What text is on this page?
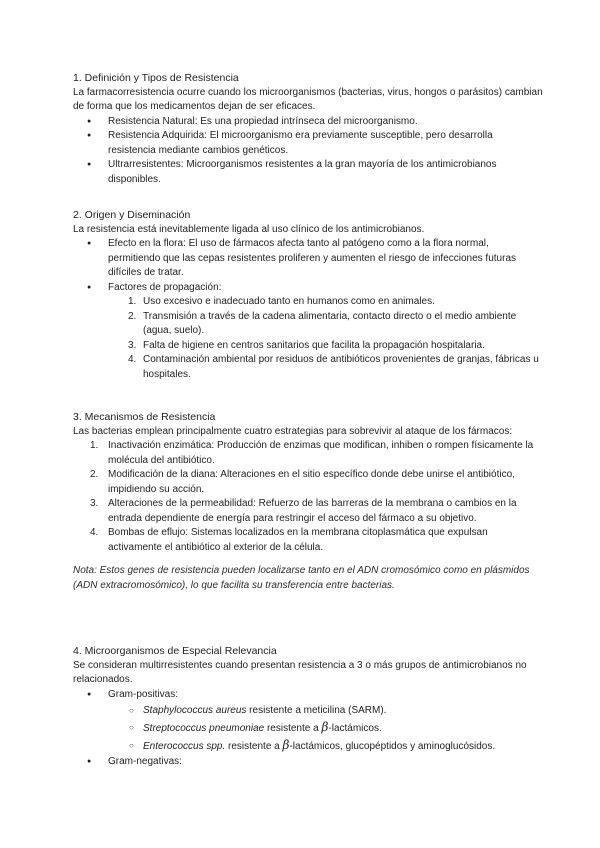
1. Definición y Tipos de Resistencia

La farmacorresistencia ocurre cuando los microorganismos (bacterias, virus, hongos o parásitos) cambian de forma que los medicamentos dejan de ser eficaces.

● Resistencia Natural: Es una propiedad intrínseca del microorganismo.
● Resistencia Adquirida: El microorganismo era previamente susceptible, pero desarrolla resistencia mediante cambios genéticos.
● Ultrarresistentes: Microorganismos resistentes a la gran mayoría de los antimicrobianos disponibles.
2. Origen y Diseminación

La resistencia está inevitablemente ligada al uso clínico de los antimicrobianos.

● Efecto en la flora: El uso de fármacos afecta tanto al patógeno como a la flora normal, permitiendo que las cepas resistentes proliferen y aumenten el riesgo de infecciones futuras difíciles de tratar.
● Factores de propagación:
1. Uso excesivo e inadecuado tanto en humanos como en animales.
2. Transmisión a través de la cadena alimentaria, contacto directo o el medio ambiente (agua, suelo).
3. Falta de higiene en centros sanitarios que facilita la propagación hospitalaria.
4. Contaminación ambiental por residuos de antibióticos provenientes de granjas, fábricas u hospitales.
3. Mecanismos de Resistencia

Las bacterias emplean principalmente cuatro estrategias para sobrevivir al ataque de los fármacos:

1. Inactivación enzimática: Producción de enzimas que modifican, inhiben o rompen físicamente la molécula del antibiótico.
2. Modificación de la diana: Alteraciones en el sitio específico donde debe unirse el antibiótico, impidiendo su acción.
3. Alteraciones de la permeabilidad: Refuerzo de las barreras de la membrana o cambios en la entrada dependiente de energía para restringir el acceso del fármaco a su objetivo.
4. Bombas de eflujo: Sistemas localizados en la membrana citoplasmática que expulsan activamente el antibiótico al exterior de la célula.

Nota: Estos genes de resistencia pueden localizarse tanto en el ADN cromosómico como en plásmidos (ADN extracromosómico), lo que facilita su transferencia entre bacterias.

4. Microorganismos de Especial Relevancia

Se consideran multirresistentes cuando presentan resistencia a 3 o más grupos de antimicrobianos no relacionados.

● Gram-positivas:
○ Staphylococcus aureus resistente a meticilina (SARM).
○ Streptococcus pneumoniae resistente a β-lactámicos.
○ Enterococcus spp. resistente a β-lactámicos, glucopéptidos y aminoglucósidos.
● Gram-negativas:
